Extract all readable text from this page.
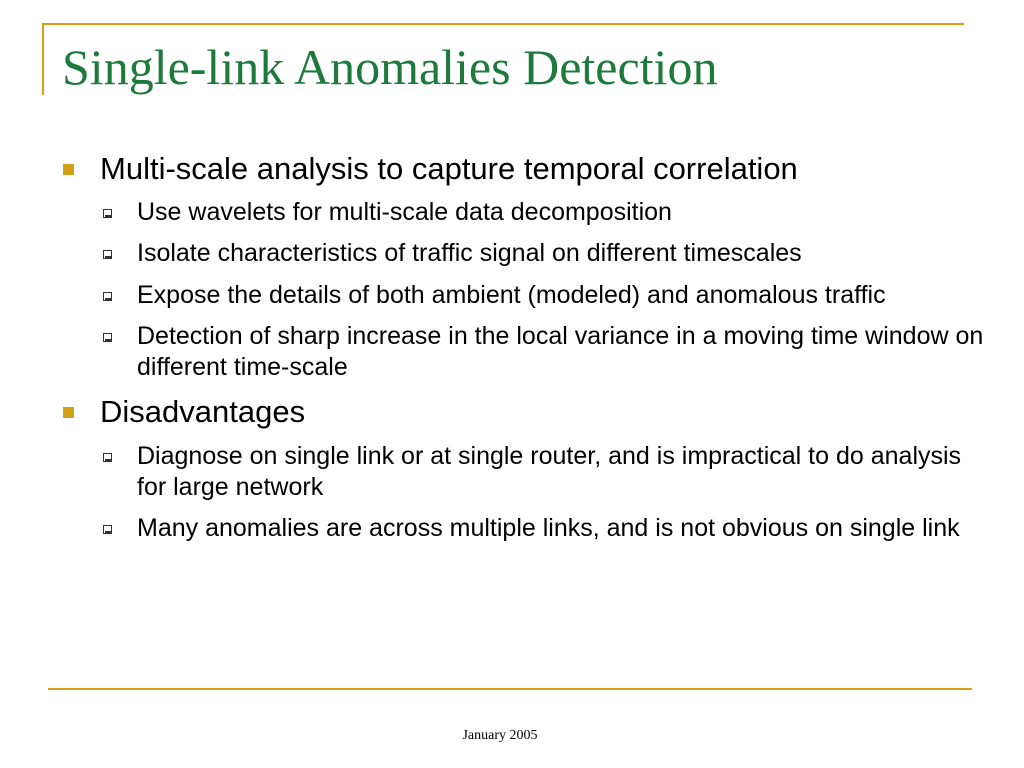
Single-link Anomalies Detection
Multi-scale analysis to capture temporal correlation
Use wavelets for multi-scale data decomposition
Isolate characteristics of traffic signal on different timescales
Expose the details of both ambient (modeled) and anomalous traffic
Detection of sharp increase in the local variance in a moving time window on different time-scale
Disadvantages
Diagnose on single link or at single router, and is impractical to do analysis for large network
Many anomalies are across multiple links, and is not obvious on single link
January 2005
